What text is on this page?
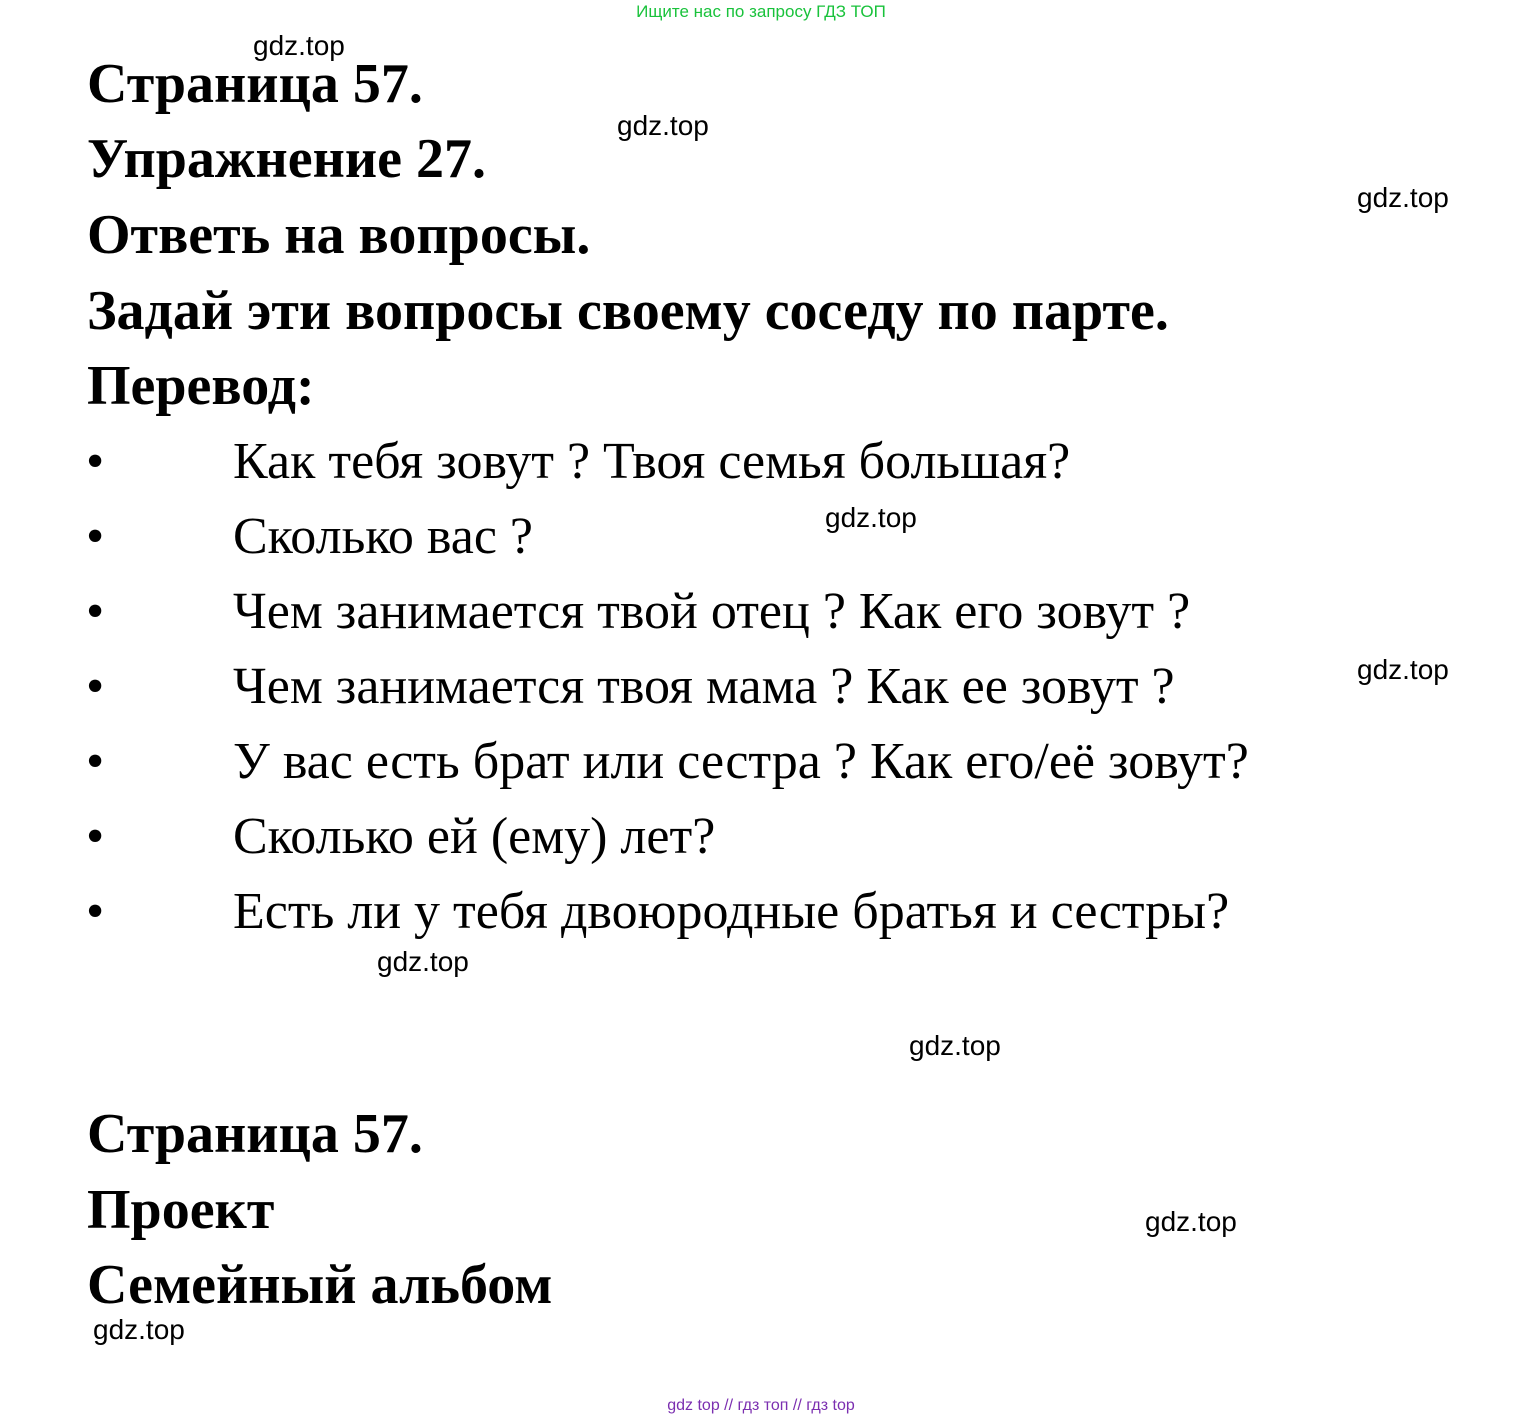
Ищите нас по запросу ГДЗ ТОП
Страница 57.
Упражнение 27.
Ответь на вопросы.
Задай эти вопросы своему соседу по парте.
Перевод:
• Как тебя зовут ? Твоя семья большая?
• Сколько вас ?
• Чем занимается твой отец ? Как его зовут ?
• Чем занимается твоя мама ? Как ее зовут ?
• У вас есть брат или сестра ? Как его/её зовут?
• Сколько ей (ему) лет?
• Есть ли у тебя двоюродные братья и сестры?
Страница 57.
Проект
Семейный альбом
gdz.top
gdz.top
gdz.top
gdz.top
gdz.top
gdz.top
gdz.top
gdz.top
gdz.top
gdz top // гдз топ // гдз top
